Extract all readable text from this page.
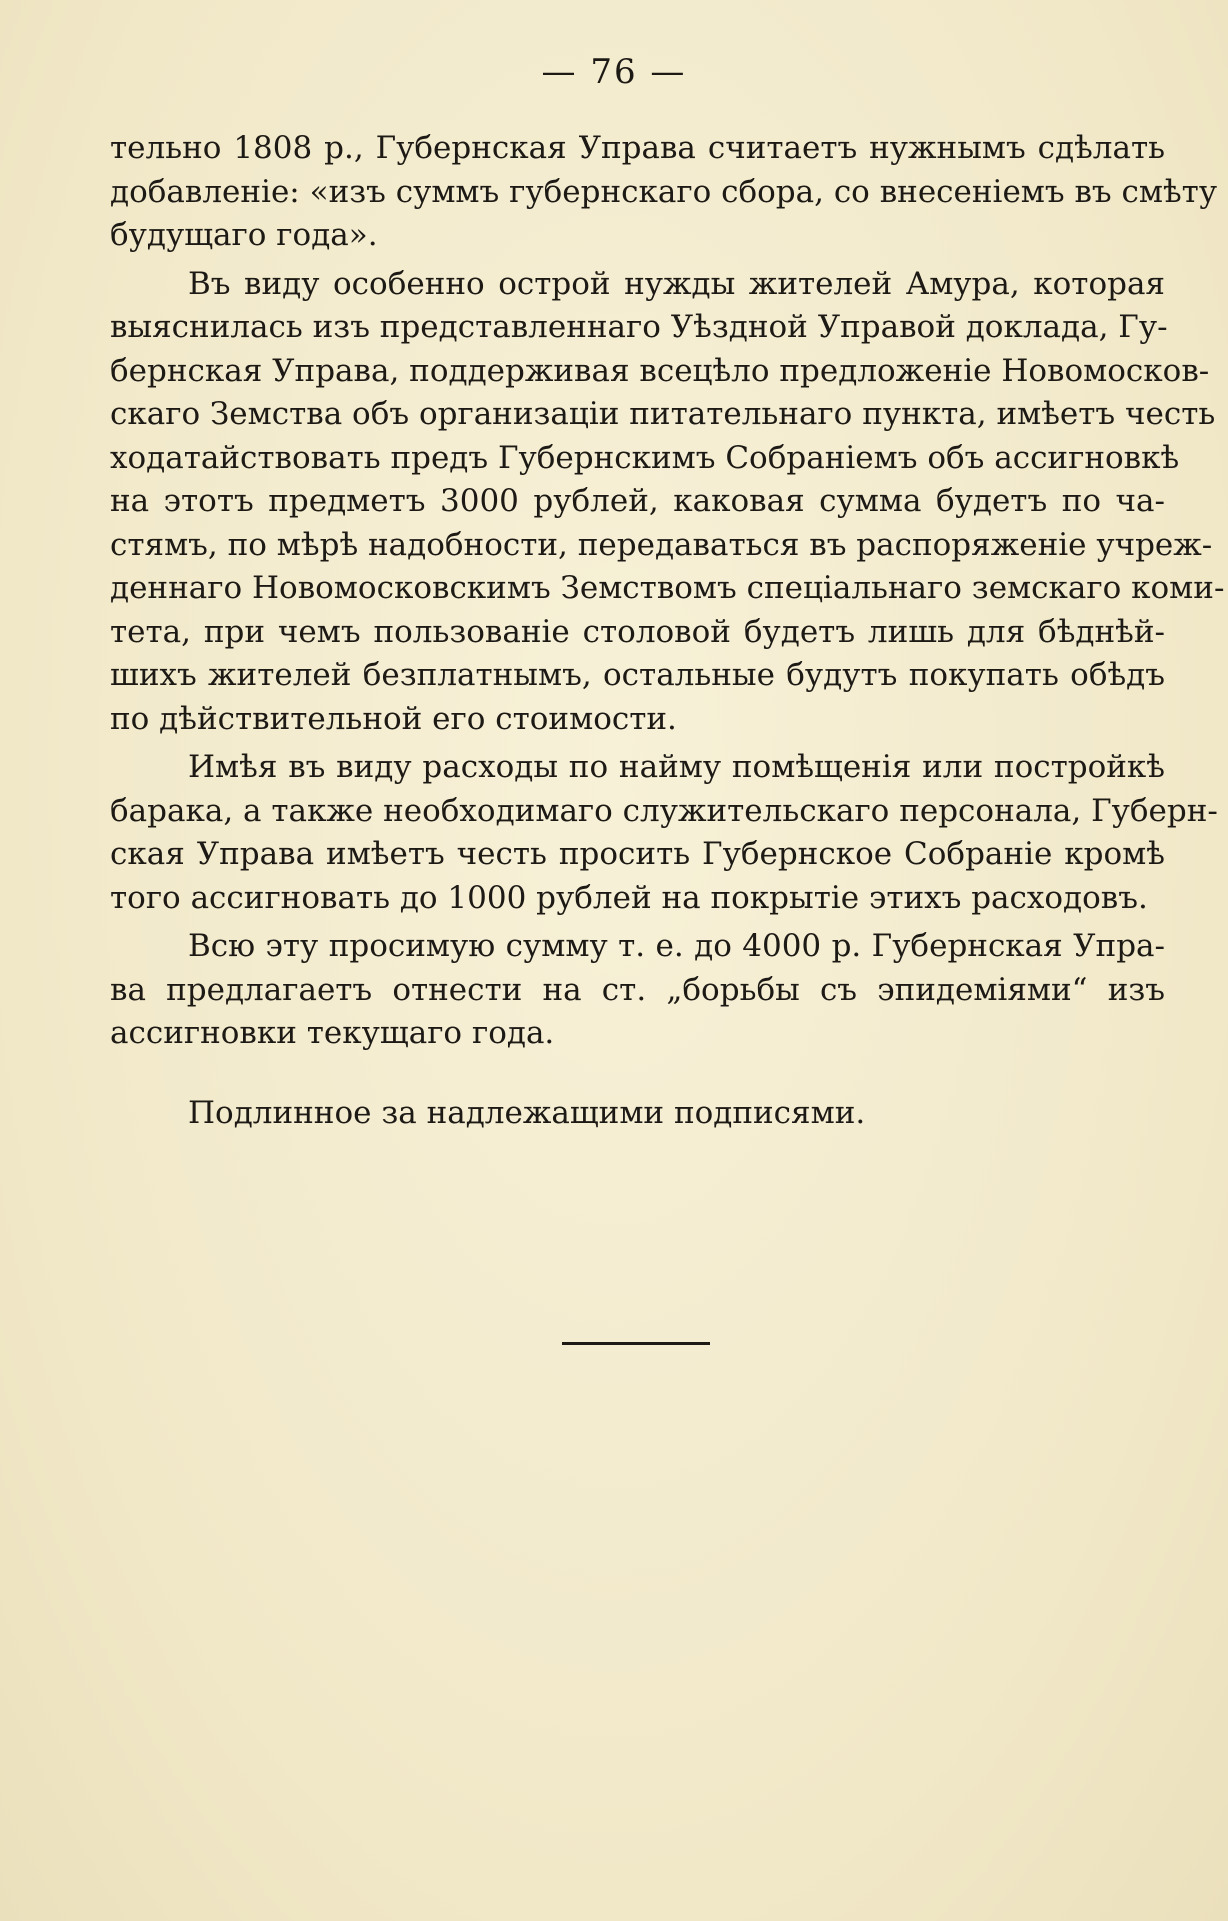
— 76 —
тельно 1808 р., Губернская Управа считаетъ нужнымъ сдѣлать
добавленіе: «изъ суммъ губернскаго сбора, со внесеніемъ въ смѣту
будущаго года».
Въ виду особенно острой нужды жителей Амура, которая
выяснилась изъ представленнаго Уѣздной Управой доклада, Гу-
бернская Управа, поддерживая всецѣло предложеніе Новомосков-
скаго Земства объ организаціи питательнаго пункта, имѣетъ честь
ходатайствовать предъ Губернскимъ Собраніемъ объ ассигновкѣ
на этотъ предметъ 3000 рублей, каковая сумма будетъ по ча-
стямъ, по мѣрѣ надобности, передаваться въ распоряженіе учреж-
деннаго Новомосковскимъ Земствомъ спеціальнаго земскаго коми-
тета, при чемъ пользованіе столовой будетъ лишь для бѣднѣй-
шихъ жителей безплатнымъ, остальные будутъ покупать обѣдъ
по дѣйствительной его стоимости.
Имѣя въ виду расходы по найму помѣщенія или постройкѣ
барака, а также необходимаго служительскаго персонала, Губерн-
ская Управа имѣетъ честь просить Губернское Собраніе кромѣ
того ассигновать до 1000 рублей на покрытіе этихъ расходовъ.
Всю эту просимую сумму т. е. до 4000 р. Губернская Упра-
ва предлагаетъ отнести на ст. „борьбы съ эпидеміями“ изъ
ассигновки текущаго года.
Подлинное за надлежащими подписями.
